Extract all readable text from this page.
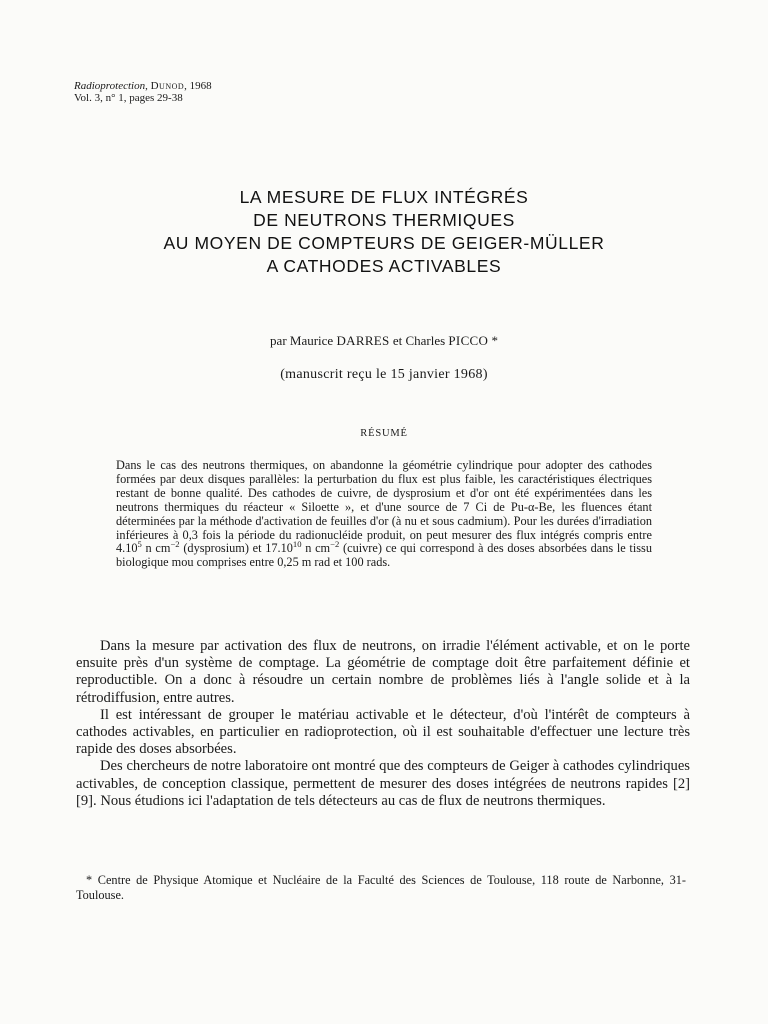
Radioprotection, Dunod, 1968
Vol. 3, n° 1, pages 29-38
LA MESURE DE FLUX INTÉGRÉS
DE NEUTRONS THERMIQUES
AU MOYEN DE COMPTEURS DE GEIGER-MÜLLER
A CATHODES ACTIVABLES
par Maurice DARRES et Charles PICCO *
(manuscrit reçu le 15 janvier 1968)
RÉSUMÉ

Dans le cas des neutrons thermiques, on abandonne la géométrie cylindrique pour adopter des cathodes formées par deux disques parallèles: la perturbation du flux est plus faible, les caractéristiques électriques restant de bonne qualité. Des cathodes de cuivre, de dysprosium et d'or ont été expérimentées dans les neutrons thermiques du réacteur « Siloette », et d'une source de 7 Ci de Pu-α-Be, les fluences étant déterminées par la méthode d'activation de feuilles d'or (à nu et sous cadmium). Pour les durées d'irradiation inférieures à 0,3 fois la période du radionucléide produit, on peut mesurer des flux intégrés compris entre 4.10$^5$ n $cm^{-2}$ (dysprosium) et 17.10$^{10}$ n $cm^{-2}$ (cuivre) ce qui correspond à des doses absorbées dans le tissu biologique mou comprises entre 0,25 m rad et 100 rads.

Dans la mesure par activation des flux de neutrons, on irradie l'élément activable, et on le porte ensuite près d'un système de comptage. La géométrie de comptage doit être parfaitement définie et reproductible. On a donc à résoudre un certain nombre de problèmes liés à l'angle solide et à la rétrodiffusion, entre autres.

Il est intéressant de grouper le matériau activable et le détecteur, d'où l'intérêt de compteurs à cathodes activables, en particulier en radioprotection, où il est souhaitable d'effectuer une lecture très rapide des doses absorbées.

Des chercheurs de notre laboratoire ont montré que des compteurs de Geiger à cathodes cylindriques activables, de conception classique, permettent de mesurer des doses intégrées de neutrons rapides [2] [9]. Nous étudions ici l'adaptation de tels détecteurs au cas de flux de neutrons thermiques.

* Centre de Physique Atomique et Nucléaire de la Faculté des Sciences de Toulouse, 118 route de Narbonne, 31-Toulouse.
